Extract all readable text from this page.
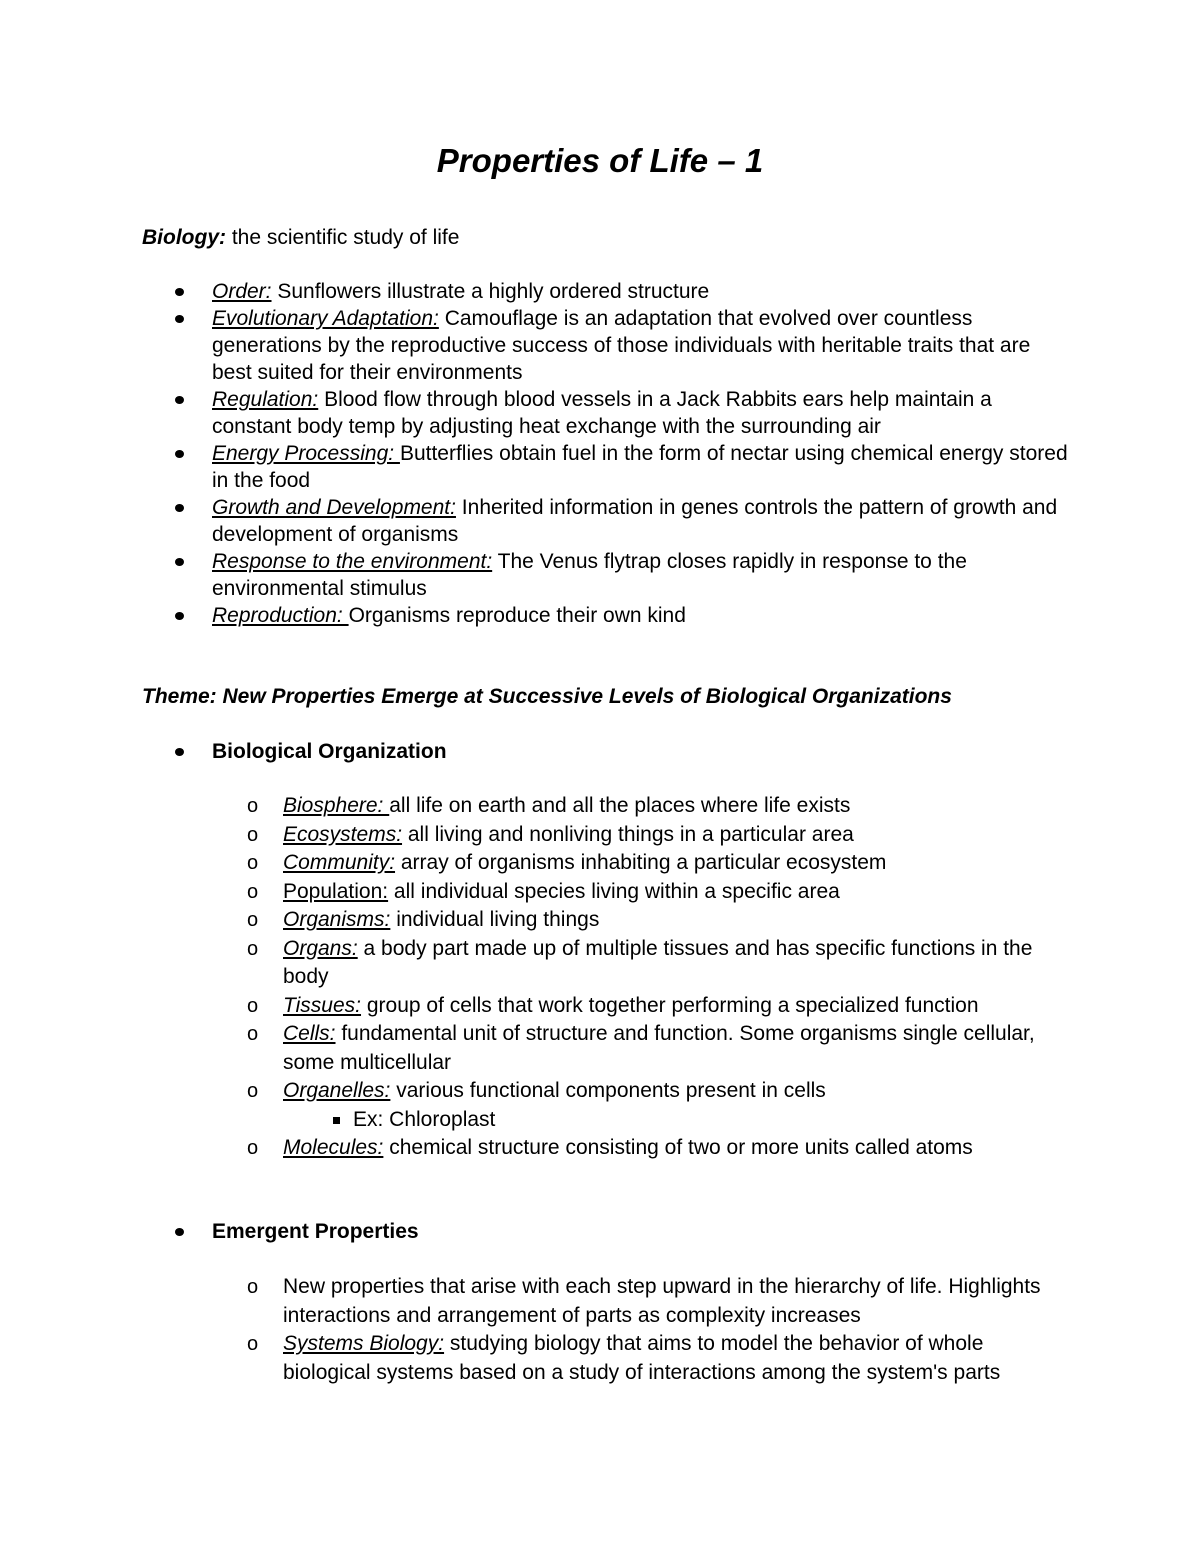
Properties of Life – 1
Biology: the scientific study of life
Order: Sunflowers illustrate a highly ordered structure
Evolutionary Adaptation: Camouflage is an adaptation that evolved over countless generations by the reproductive success of those individuals with heritable traits that are best suited for their environments
Regulation: Blood flow through blood vessels in a Jack Rabbits ears help maintain a constant body temp by adjusting heat exchange with the surrounding air
Energy Processing: Butterflies obtain fuel in the form of nectar using chemical energy stored in the food
Growth and Development: Inherited information in genes controls the pattern of growth and development of organisms
Response to the environment: The Venus flytrap closes rapidly in response to the environmental stimulus
Reproduction: Organisms reproduce their own kind
Theme: New Properties Emerge at Successive Levels of Biological Organizations
Biological Organization
o Biosphere: all life on earth and all the places where life exists
o Ecosystems: all living and nonliving things in a particular area
o Community: array of organisms inhabiting a particular ecosystem
o Population: all individual species living within a specific area
o Organisms: individual living things
o Organs: a body part made up of multiple tissues and has specific functions in the body
o Tissues: group of cells that work together performing a specialized function
o Cells: fundamental unit of structure and function. Some organisms single cellular, some multicellular
o Organelles: various functional components present in cells
Ex: Chloroplast
o Molecules: chemical structure consisting of two or more units called atoms
Emergent Properties
o New properties that arise with each step upward in the hierarchy of life. Highlights interactions and arrangement of parts as complexity increases
o Systems Biology: studying biology that aims to model the behavior of whole biological systems based on a study of interactions among the system's parts
